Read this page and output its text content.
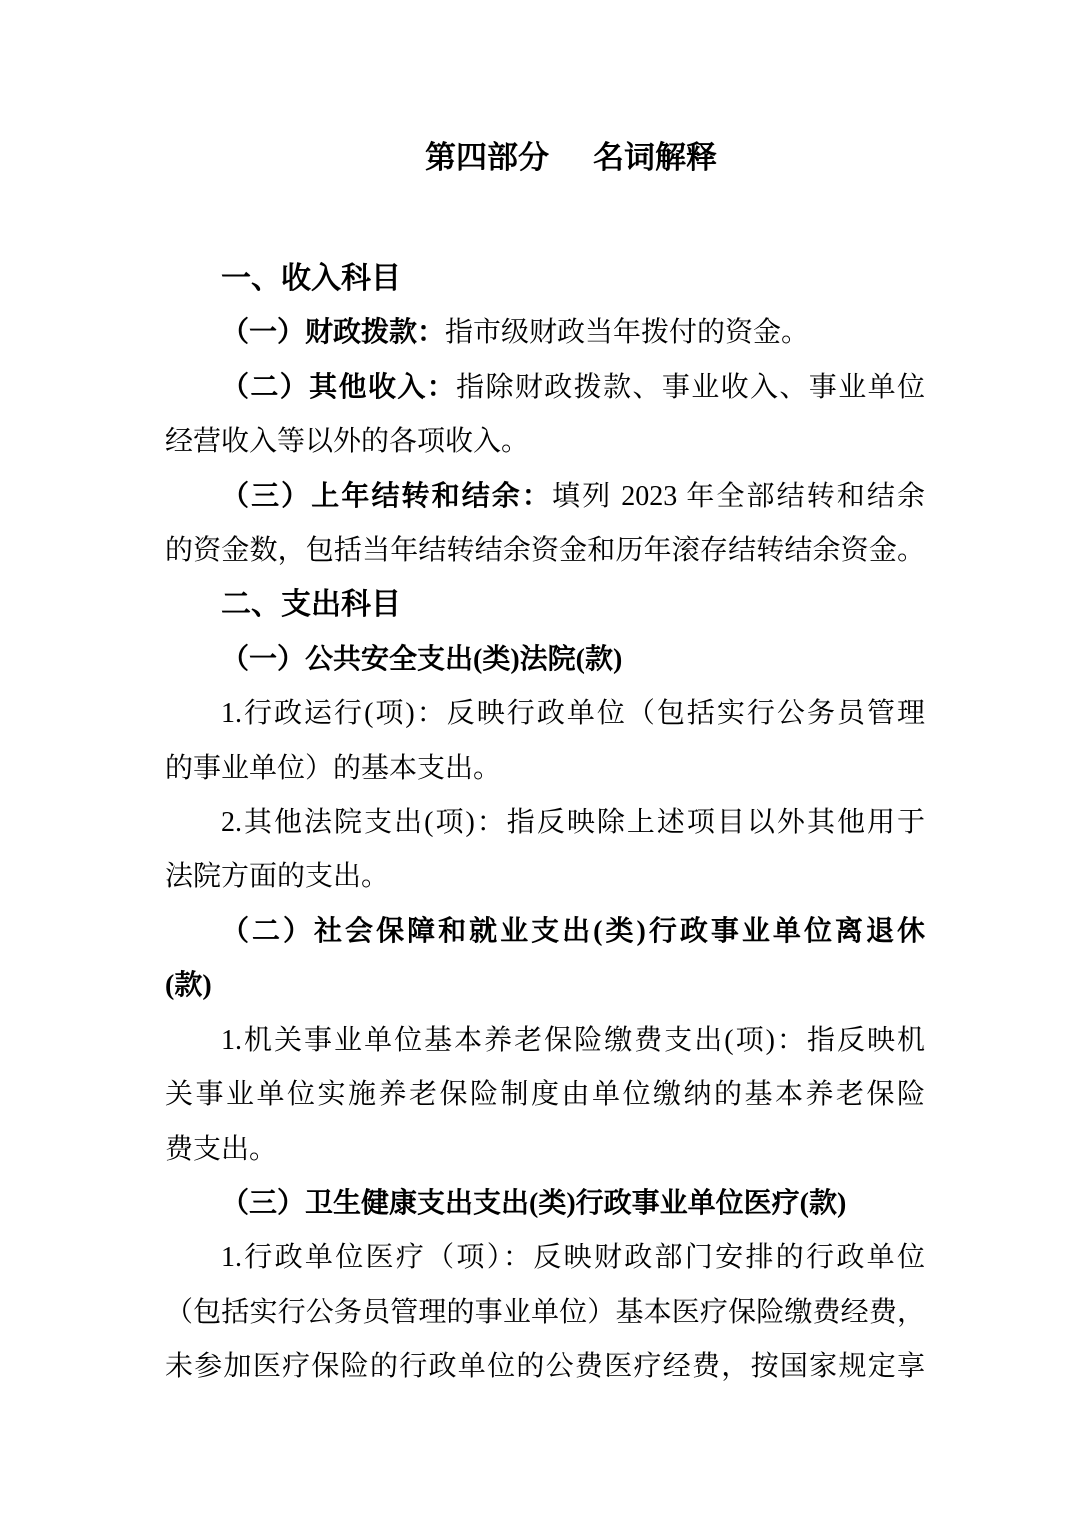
第四部分 名词解释
一、收入科目
（一）财政拨款：指市级财政当年拨付的资金。
（二）其他收入：指除财政拨款、事业收入、事业单位
经营收入等以外的各项收入。
（三）上年结转和结余：填列 2023 年全部结转和结余
的资金数，包括当年结转结余资金和历年滚存结转结余资金。
二、支出科目
（一）公共安全支出(类)法院(款)
1.行政运行(项)：反映行政单位（包括实行公务员管理
的事业单位）的基本支出。
2.其他法院支出(项)：指反映除上述项目以外其他用于
法院方面的支出。
（二）社会保障和就业支出(类)行政事业单位离退休
(款)
1.机关事业单位基本养老保险缴费支出(项)：指反映机
关事业单位实施养老保险制度由单位缴纳的基本养老保险
费支出。
（三）卫生健康支出支出(类)行政事业单位医疗(款)
1.行政单位医疗（项）：反映财政部门安排的行政单位
（包括实行公务员管理的事业单位）基本医疗保险缴费经费，
未参加医疗保险的行政单位的公费医疗经费，按国家规定享
